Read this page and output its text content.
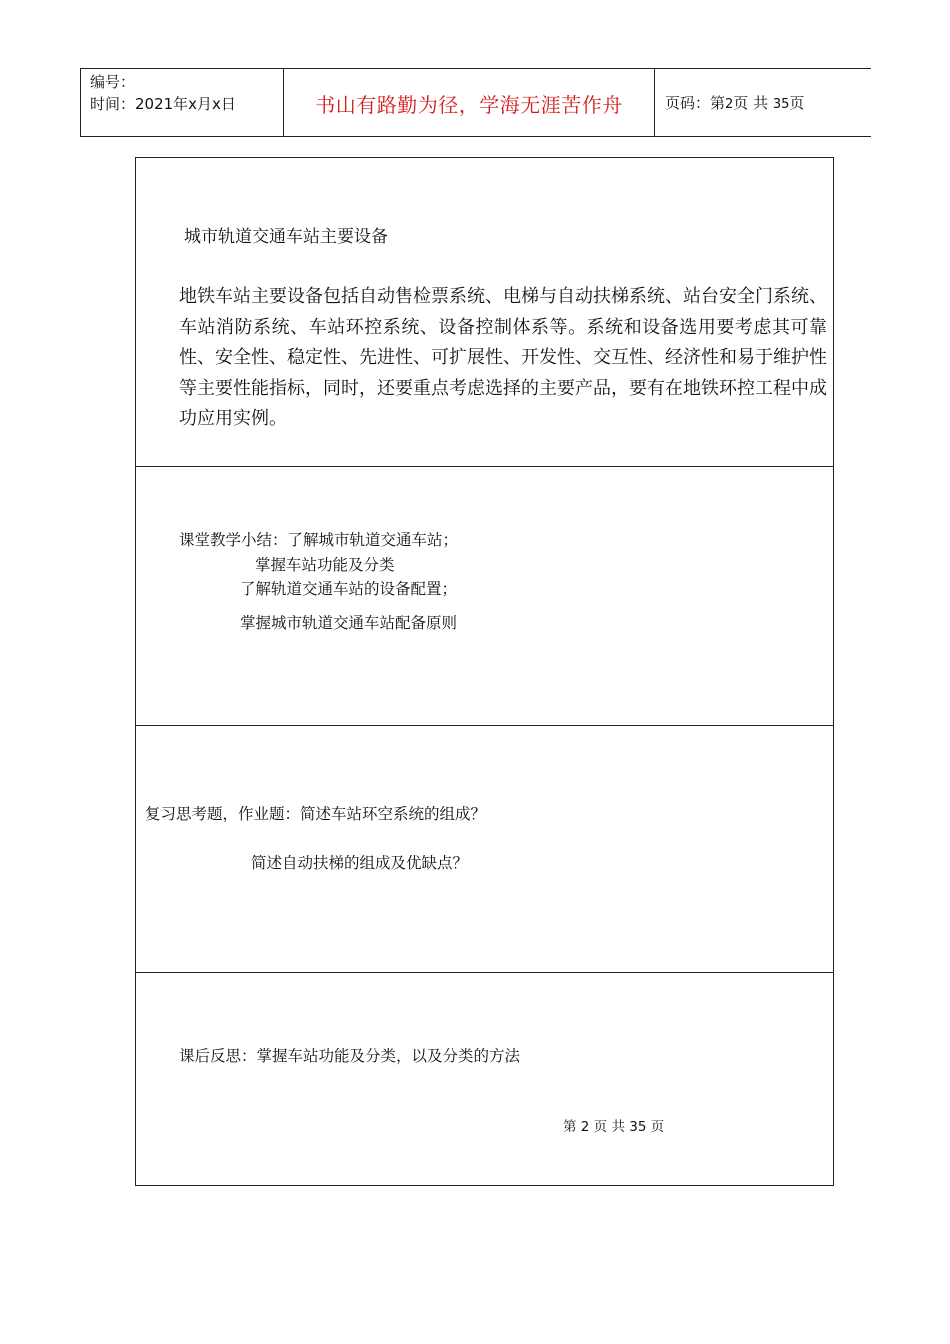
编号：
时间：2021年x月x日	书山有路勤为径，学海无涯苦作舟	页码：第2页 共 35页
城市轨道交通车站主要设备
地铁车站主要设备包括自动售检票系统、电梯与自动扶梯系统、站台安全门系统、车站消防系统、车站环控系统、设备控制体系等。系统和设备选用要考虑其可靠性、安全性、稳定性、先进性、可扩展性、开发性、交互性、经济性和易于维护性等主要性能指标，同时，还要重点考虑选择的主要产品，要有在地铁环控工程中成功应用实例。
课堂教学小结：了解城市轨道交通车站；
掌握车站功能及分类
了解轨道交通车站的设备配置；
掌握城市轨道交通车站配备原则
复习思考题，作业题：简述车站环空系统的组成？
简述自动扶梯的组成及优缺点？
课后反思：掌握车站功能及分类，以及分类的方法
第 2 页 共 35 页
